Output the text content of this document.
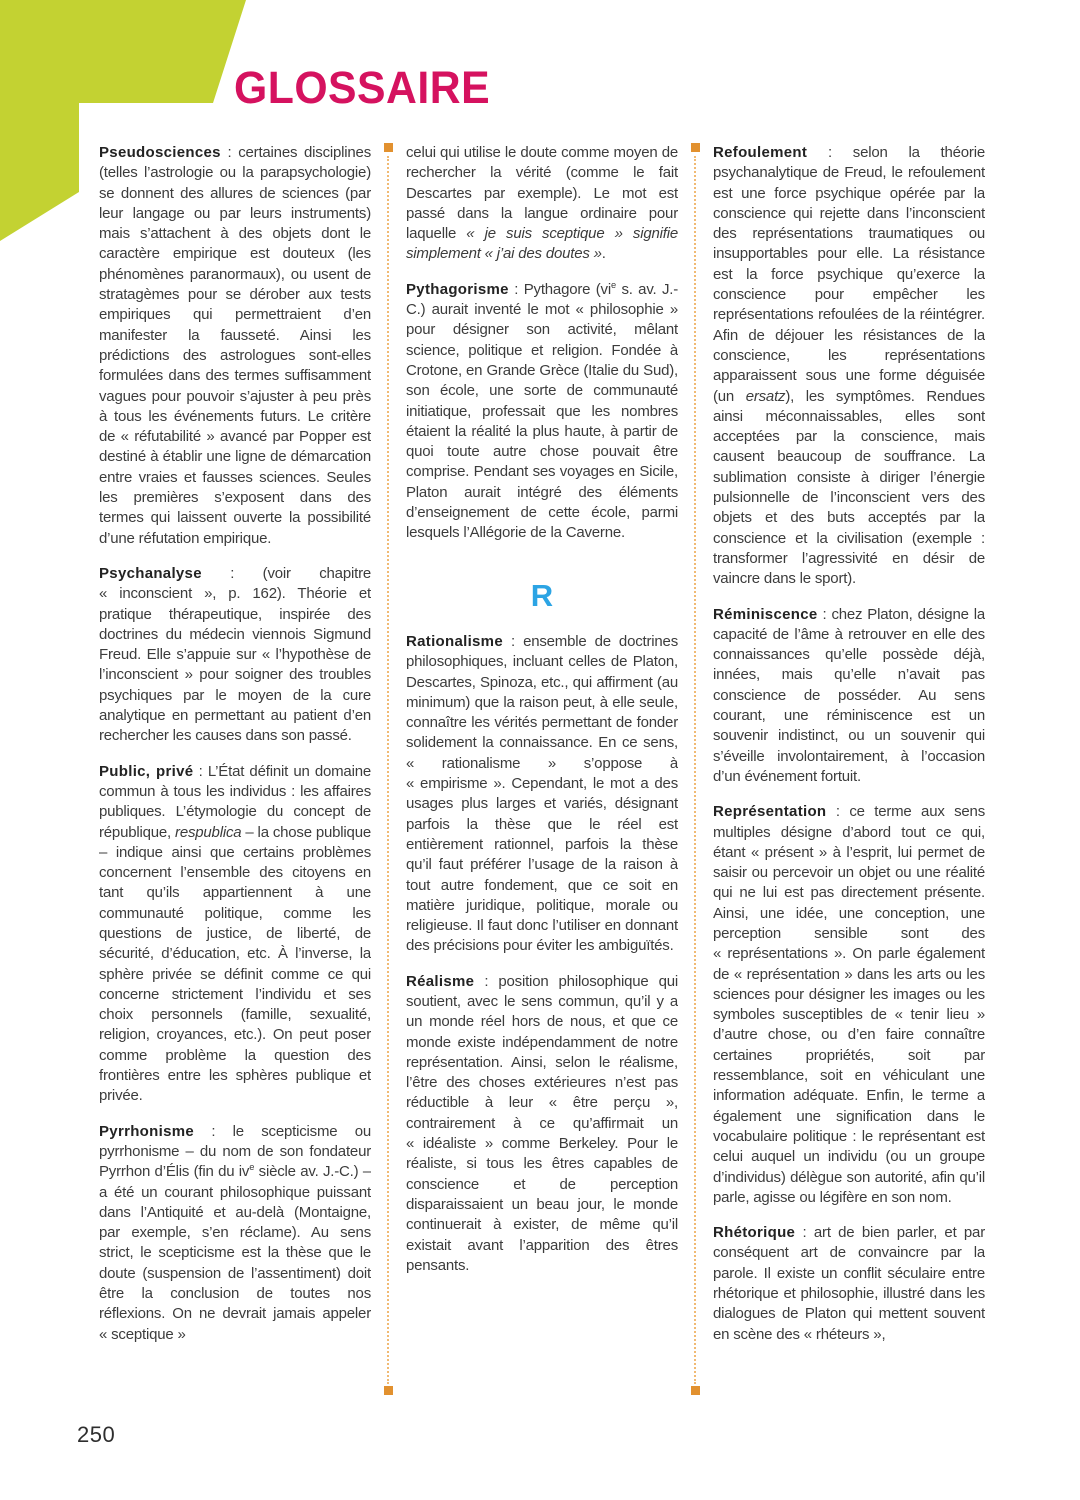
GLOSSAIRE

Pseudosciences : certaines disciplines (telles l’astrologie ou la parapsychologie) se donnent des allures de sciences (par leur langage ou par leurs instruments) mais s’attachent à des objets dont le caractère empirique est douteux (les phénomènes paranormaux), ou usent de stratagèmes pour se dérober aux tests empiriques qui permettraient d’en manifester la fausseté. Ainsi les prédictions des astrologues sont-elles formulées dans des termes suffisamment vagues pour pouvoir s’ajuster à peu près à tous les événements futurs. Le critère de « réfutabilité » avancé par Popper est destiné à établir une ligne de démarcation entre vraies et fausses sciences. Seules les premières s’exposent dans des termes qui laissent ouverte la possibilité d’une réfutation empirique.

Psychanalyse : (voir chapitre « inconscient », p. 162). Théorie et pratique thérapeutique, inspirée des doctrines du médecin viennois Sigmund Freud. Elle s’appuie sur « l’hypothèse de l’inconscient » pour soigner des troubles psychiques par le moyen de la cure analytique en permettant au patient d’en rechercher les causes dans son passé.

Public, privé : L’État définit un domaine commun à tous les individus : les affaires publiques. L’étymologie du concept de république, respublica – la chose publique – indique ainsi que certains problèmes concernent l’ensemble des citoyens en tant qu’ils appartiennent à une communauté politique, comme les questions de justice, de liberté, de sécurité, d’éducation, etc. À l’inverse, la sphère privée se définit comme ce qui concerne strictement l’individu et ses choix personnels (famille, sexualité, religion, croyances, etc.). On peut poser comme problème la question des frontières entre les sphères publique et privée.

Pyrrhonisme : le scepticisme ou pyrrhonisme – du nom de son fondateur Pyrrhon d’Élis (fin du $iv^e$ siècle av. J.-C.) – a été un courant philosophique puissant dans l’Antiquité et au-delà (Montaigne, par exemple, s’en réclame). Au sens strict, le scepticisme est la thèse que le doute (suspension de l’assentiment) doit être la conclusion de toutes nos réflexions. On ne devrait jamais appeler « sceptique »

celui qui utilise le doute comme moyen de rechercher la vérité (comme le fait Descartes par exemple). Le mot est passé dans la langue ordinaire pour laquelle « je suis sceptique » signifie simplement « j’ai des doutes ».

Pythagorisme : Pythagore ($vi^e$ s. av. J.-C.) aurait inventé le mot « philosophie » pour désigner son activité, mêlant science, politique et religion. Fondée à Crotone, en Grande Grèce (Italie du Sud), son école, une sorte de communauté initiatique, professait que les nombres étaient la réalité la plus haute, à partir de quoi toute autre chose pouvait être comprise. Pendant ses voyages en Sicile, Platon aurait intégré des éléments d’enseignement de cette école, parmi lesquels l’Allégorie de la Caverne.

R

Rationalisme : ensemble de doctrines philosophiques, incluant celles de Platon, Descartes, Spinoza, etc., qui affirment (au minimum) que la raison peut, à elle seule, connaître les vérités permettant de fonder solidement la connaissance. En ce sens, « rationalisme » s’oppose à « empirisme ». Cependant, le mot a des usages plus larges et variés, désignant parfois la thèse que le réel est entièrement rationnel, parfois la thèse qu’il faut préférer l’usage de la raison à tout autre fondement, que ce soit en matière juridique, politique, morale ou religieuse. Il faut donc l’utiliser en donnant des précisions pour éviter les ambiguïtés.

Réalisme : position philosophique qui soutient, avec le sens commun, qu’il y a un monde réel hors de nous, et que ce monde existe indépendamment de notre représentation. Ainsi, selon le réalisme, l’être des choses extérieures n’est pas réductible à leur « être perçu », contrairement à ce qu’affirmait un « idéaliste » comme Berkeley. Pour le réaliste, si tous les êtres capables de conscience et de perception disparaissaient un beau jour, le monde continuerait à exister, de même qu’il existait avant l’apparition des êtres pensants.

Refoulement : selon la théorie psychanalytique de Freud, le refoulement est une force psychique opérée par la conscience qui rejette dans l’inconscient des représentations traumatiques ou insupportables pour elle. La résistance est la force psychique qu’exerce la conscience pour empêcher les représentations refoulées de la réintégrer. Afin de déjouer les résistances de la conscience, les représentations apparaissent sous une forme déguisée (un ersatz), les symptômes. Rendues ainsi méconnaissables, elles sont acceptées par la conscience, mais causent beaucoup de souffrance. La sublimation consiste à diriger l’énergie pulsionnelle de l’inconscient vers des objets et des buts acceptés par la conscience et la civilisation (exemple : transformer l’agressivité en désir de vaincre dans le sport).

Réminiscence : chez Platon, désigne la capacité de l’âme à retrouver en elle des connaissances qu’elle possède déjà, innées, mais qu’elle n’avait pas conscience de posséder. Au sens courant, une réminiscence est un souvenir indistinct, ou un souvenir qui s’éveille involontairement, à l’occasion d’un événement fortuit.

Représentation : ce terme aux sens multiples désigne d’abord tout ce qui, étant « présent » à l’esprit, lui permet de saisir ou percevoir un objet ou une réalité qui ne lui est pas directement présente. Ainsi, une idée, une conception, une perception sensible sont des « représentations ». On parle également de « représentation » dans les arts ou les sciences pour désigner les images ou les symboles susceptibles de « tenir lieu » d’autre chose, ou d’en faire connaître certaines propriétés, soit par ressemblance, soit en véhiculant une information adéquate. Enfin, le terme a également une signification dans le vocabulaire politique : le représentant est celui auquel un individu (ou un groupe d’individus) délègue son autorité, afin qu’il parle, agisse ou légifère en son nom.

Rhétorique : art de bien parler, et par conséquent art de convaincre par la parole. Il existe un conflit séculaire entre rhétorique et philosophie, illustré dans les dialogues de Platon qui mettent souvent en scène des « rhéteurs »,

250
